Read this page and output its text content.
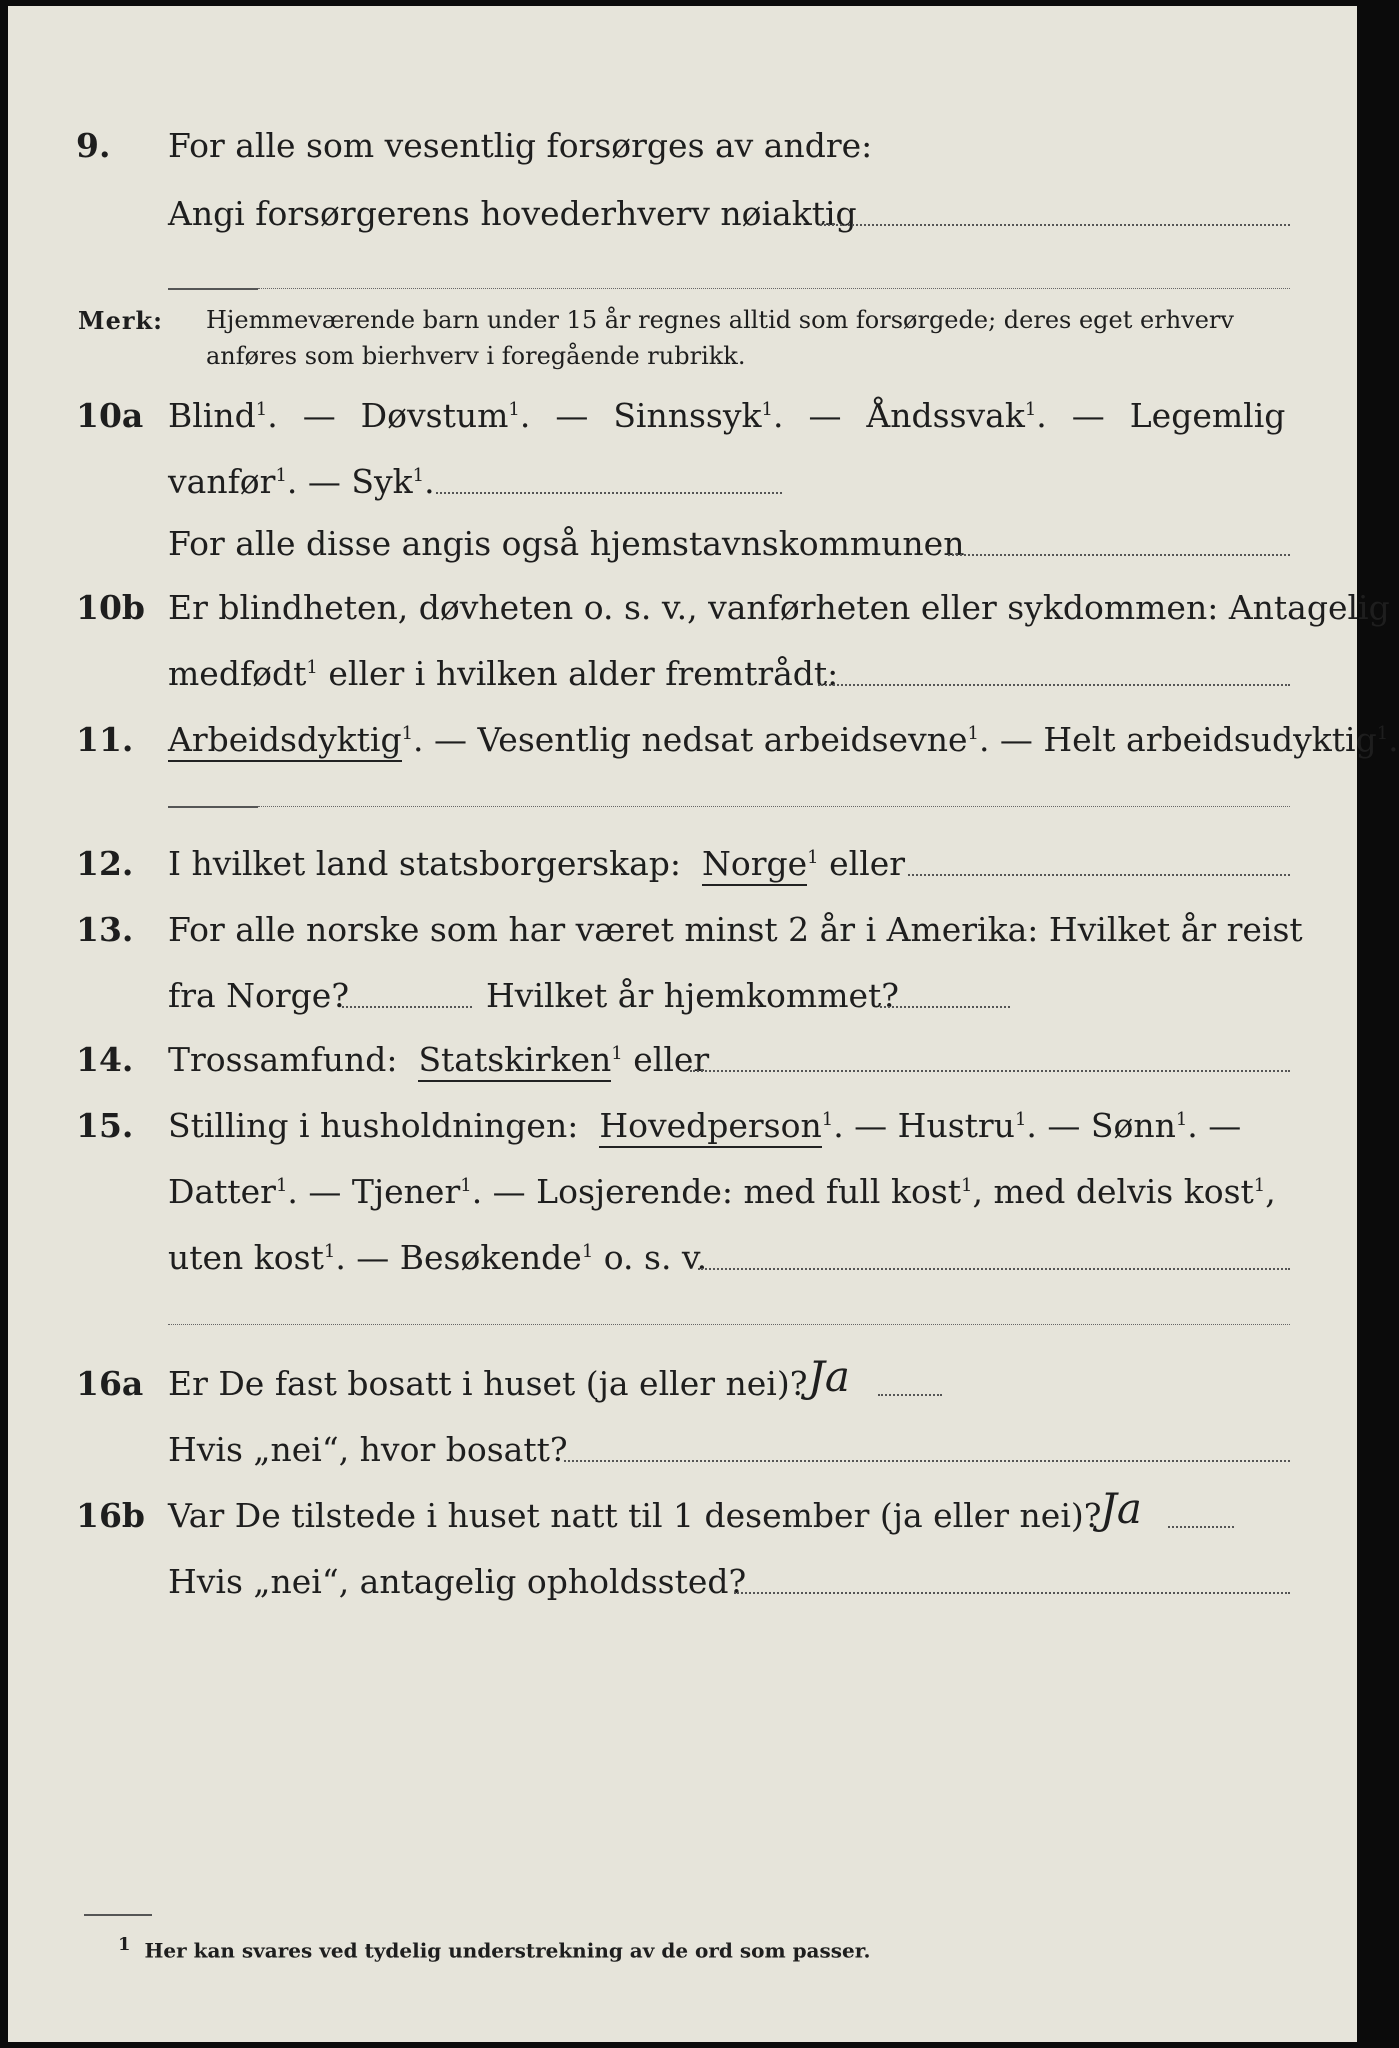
9. For alle som vesentlig forsørges av andre:
Angi forsørgerens hovederhverv nøiaktig
Merk: Hjemmeværende barn under 15 år regnes alltid som forsørgede; deres eget erhverv
anføres som bierhverv i foregående rubrikk.
10a Blind$^1$. — Døvstum$^1$. — Sinnssyk$^1$. — Åndssvak$^1$. — Legemlig
vanfør$^1$. — Syk$^1$.
For alle disse angis også hjemstavnskommunen
10b Er blindheten, døvheten o. s. v., vanførheten eller sykdommen: Antagelig
medfødt$^1$ eller i hvilken alder fremtrådt:
11. Arbeidsdyktig$^1$. — Vesentlig nedsat arbeidsevne$^1$. — Helt arbeidsudyktig$^1$.
12. I hvilket land statsborgerskap: Norge$^1$ eller
13. For alle norske som har været minst 2 år i Amerika: Hvilket år reist
fra Norge?	Hvilket år hjemkommet?
14. Trossamfund: Statskirken$^1$ eller
15. Stilling i husholdningen: Hovedperson$^1$. — Hustru$^1$. — Sønn$^1$. —
Datter$^1$. — Tjener$^1$. — Losjerende: med full kost$^1$, med delvis kost$^1$,
uten kost$^1$. — Besøkende$^1$ o. s. v.
16a Er De fast bosatt i huset (ja eller nei)? Ja
Hvis „nei“, hvor bosatt?
16b Var De tilstede i huset natt til 1 desember (ja eller nei)?
Ja
Hvis „nei“, antagelig opholdssted?
1 Her kan svares ved tydelig understrekning av de ord som passer.
